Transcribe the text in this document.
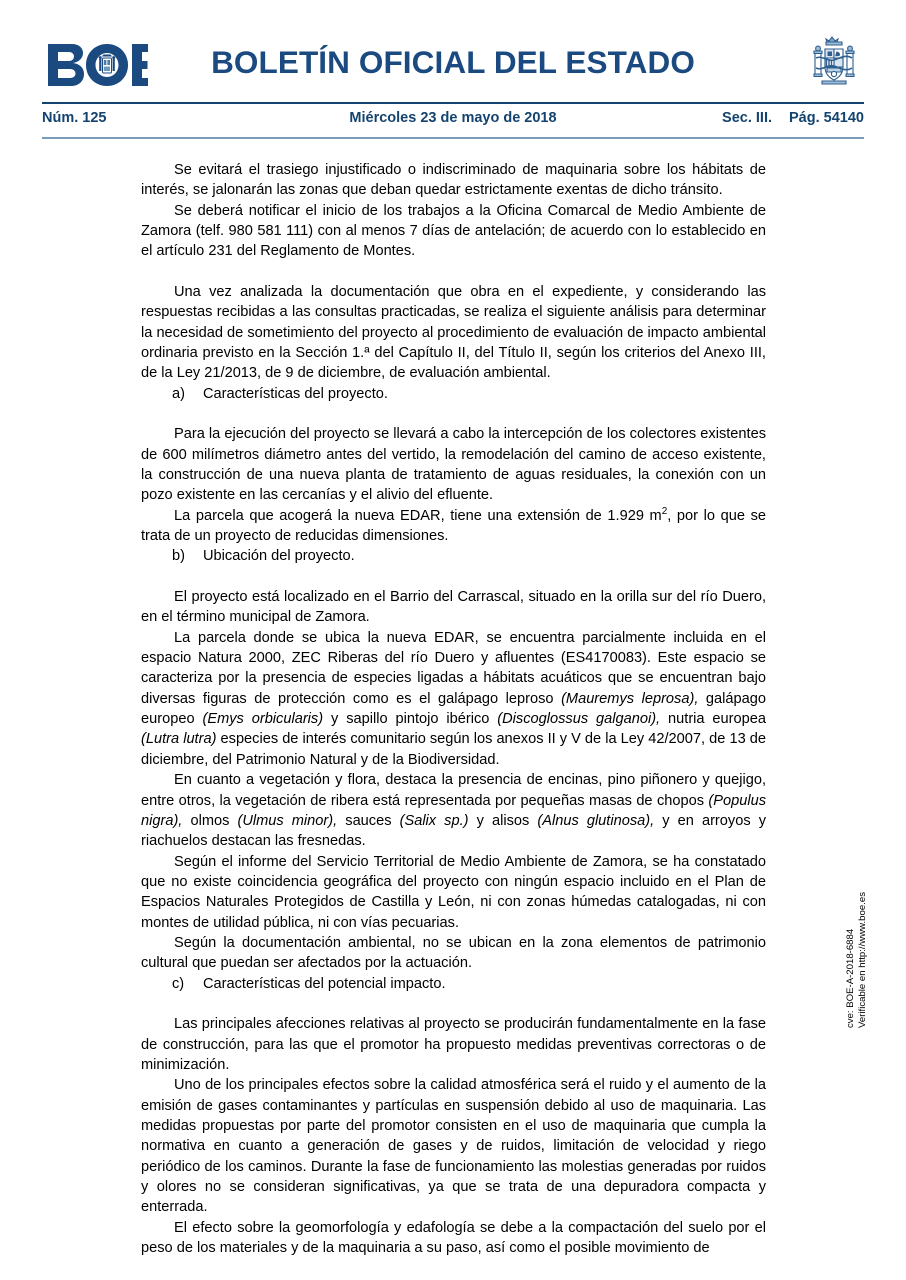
BOLETÍN OFICIAL DEL ESTADO
Núm. 125	Miércoles 23 de mayo de 2018	Sec. III. Pág. 54140

Se evitará el trasiego injustificado o indiscriminado de maquinaria sobre los hábitats de interés, se jalonarán las zonas que deban quedar estrictamente exentas de dicho tránsito.

Se deberá notificar el inicio de los trabajos a la Oficina Comarcal de Medio Ambiente de Zamora (telf. 980 581 111) con al menos 7 días de antelación; de acuerdo con lo establecido en el artículo 231 del Reglamento de Montes.

Una vez analizada la documentación que obra en el expediente, y considerando las respuestas recibidas a las consultas practicadas, se realiza el siguiente análisis para determinar la necesidad de sometimiento del proyecto al procedimiento de evaluación de impacto ambiental ordinaria previsto en la Sección 1.ª del Capítulo II, del Título II, según los criterios del Anexo III, de la Ley 21/2013, de 9 de diciembre, de evaluación ambiental.

a)	Características del proyecto.

Para la ejecución del proyecto se llevará a cabo la intercepción de los colectores existentes de 600 milímetros diámetro antes del vertido, la remodelación del camino de acceso existente, la construcción de una nueva planta de tratamiento de aguas residuales, la conexión con un pozo existente en las cercanías y el alivio del efluente.

La parcela que acogerá la nueva EDAR, tiene una extensión de 1.929 $m^2$, por lo que se trata de un proyecto de reducidas dimensiones.

b)	Ubicación del proyecto.

El proyecto está localizado en el Barrio del Carrascal, situado en la orilla sur del río Duero, en el término municipal de Zamora.

La parcela donde se ubica la nueva EDAR, se encuentra parcialmente incluida en el espacio Natura 2000, ZEC Riberas del río Duero y afluentes (ES4170083). Este espacio se caracteriza por la presencia de especies ligadas a hábitats acuáticos que se encuentran bajo diversas figuras de protección como es el galápago leproso (Mauremys leprosa), galápago europeo (Emys orbicularis) y sapillo pintojo ibérico (Discoglossus galganoi), nutria europea (Lutra lutra) especies de interés comunitario según los anexos II y V de la Ley 42/2007, de 13 de diciembre, del Patrimonio Natural y de la Biodiversidad.

En cuanto a vegetación y flora, destaca la presencia de encinas, pino piñonero y quejigo, entre otros, la vegetación de ribera está representada por pequeñas masas de chopos (Populus nigra), olmos (Ulmus minor), sauces (Salix sp.) y alisos (Alnus glutinosa), y en arroyos y riachuelos destacan las fresnedas.

Según el informe del Servicio Territorial de Medio Ambiente de Zamora, se ha constatado que no existe coincidencia geográfica del proyecto con ningún espacio incluido en el Plan de Espacios Naturales Protegidos de Castilla y León, ni con zonas húmedas catalogadas, ni con montes de utilidad pública, ni con vías pecuarias.

Según la documentación ambiental, no se ubican en la zona elementos de patrimonio cultural que puedan ser afectados por la actuación.

c)	Características del potencial impacto.

Las principales afecciones relativas al proyecto se producirán fundamentalmente en la fase de construcción, para las que el promotor ha propuesto medidas preventivas correctoras o de minimización.

Uno de los principales efectos sobre la calidad atmosférica será el ruido y el aumento de la emisión de gases contaminantes y partículas en suspensión debido al uso de maquinaria. Las medidas propuestas por parte del promotor consisten en el uso de maquinaria que cumpla la normativa en cuanto a generación de gases y de ruidos, limitación de velocidad y riego periódico de los caminos. Durante la fase de funcionamiento las molestias generadas por ruidos y olores no se consideran significativas, ya que se trata de una depuradora compacta y enterrada.

El efecto sobre la geomorfología y edafología se debe a la compactación del suelo por el peso de los materiales y de la maquinaria a su paso, así como el posible movimiento de

cve: BOE-A-2018-6884 Verificable en http://www.boe.es
